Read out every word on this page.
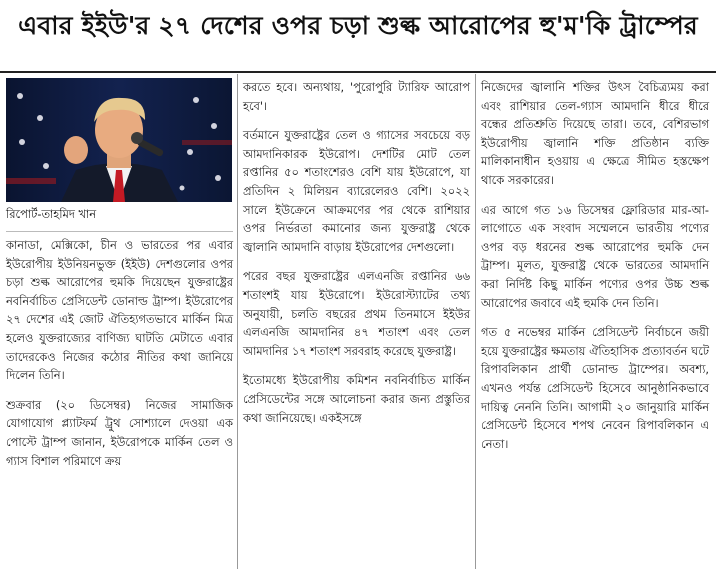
এবার ইইউ'র ২৭ দেশের ওপর চড়া শুল্ক আরোপের হু'ম'কি ট্রাম্পের
রিপোর্ট-তাহমিদ খান

কানাডা, মেক্সিকো, চীন ও ভারতের পর এবার ইউরোপীয় ইউনিয়নভুক্ত (ইইউ) দেশগুলোর ওপর চড়া শুল্ক আরোপের হুমকি দিয়েছেন যুক্তরাষ্ট্রের নবনির্বাচিত প্রেসিডেন্ট ডোনাল্ড ট্রাম্প। ইউরোপের ২৭ দেশের এই জোট ঐতিহ্যগতভাবে মার্কিন মিত্র হলেও যুক্তরাজ্যের বাণিজ্য ঘাটতি মেটাতে এবার তাদেরকেও নিজের কঠোর নীতির কথা জানিয়ে দিলেন তিনি।

শুক্রবার (২০ ডিসেম্বর) নিজের সামাজিক যোগাযোগ প্ল্যাটফর্ম ট্রুথ সোশ্যালে দেওয়া এক পোস্টে ট্রাম্প জানান, ইউরোপকে মার্কিন তেল ও গ্যাস বিশাল পরিমাণে ক্রয়

করতে হবে। অন্যথায়, 'পুরোপুরি ট্যারিফ আরোপ হবে'।

বর্তমানে যুক্তরাষ্ট্রের তেল ও গ্যাসের সবচেয়ে বড় আমদানিকারক ইউরোপ। দেশটির মোট তেল রপ্তানির ৫০ শতাংশেরও বেশি যায় ইউরোপে, যা প্রতিদিন ২ মিলিয়ন ব্যারেলেরও বেশি। ২০২২ সালে ইউক্রেনে আক্রমণের পর থেকে রাশিয়ার ওপর নির্ভরতা কমানোর জন্য যুক্তরাষ্ট্র থেকে জ্বালানি আমদানি বাড়ায় ইউরোপের দেশগুলো।

পরের বছর যুক্তরাষ্ট্রের এলএনজি রপ্তানির ৬৬ শতাংশই যায় ইউরোপে। ইউরোস্ট্যাটের তথ্য অনুযায়ী, চলতি বছরের প্রথম তিনমাসে ইইউর এলএনজি আমদানির ৪৭ শতাংশ এবং তেল আমদানির ১৭ শতাংশ সরবরাহ করেছে যুক্তরাষ্ট্র।

ইতোমধ্যে ইউরোপীয় কমিশন নবনির্বাচিত মার্কিন প্রেসিডেন্টের সঙ্গে আলোচনা করার জন্য প্রস্তুতির কথা জানিয়েছে। একইসঙ্গে

নিজেদের জ্বালানি শক্তির উৎস বৈচিত্র্যময় করা এবং রাশিয়ার তেল-গ্যাস আমদানি ধীরে ধীরে বন্ধের প্রতিশ্রুতি দিয়েছে তারা। তবে, বেশিরভাগ ইউরোপীয় জ্বালানি শক্তি প্রতিষ্ঠান ব্যক্তি মালিকানাধীন হওয়ায় এ ক্ষেত্রে সীমিত হস্তক্ষেপ থাকে সরকারের।

এর আগে গত ১৬ ডিসেম্বর ফ্লোরিডার মার-আ-লাগোতে এক সংবাদ সম্মেলনে ভারতীয় পণ্যের ওপর বড় ধরনের শুল্ক আরোপের হুমকি দেন ট্রাম্প। মূলত, যুক্তরাষ্ট্র থেকে ভারতের আমদানি করা নির্দিষ্ট কিছু মার্কিন পণ্যের ওপর উচ্চ শুল্ক আরোপের জবাবে এই হুমকি দেন তিনি।

গত ৫ নভেম্বর মার্কিন প্রেসিডেন্ট নির্বাচনে জয়ী হয়ে যুক্তরাষ্ট্রের ক্ষমতায় ঐতিহাসিক প্রত্যাবর্তন ঘটে রিপাবলিকান প্রার্থী ডোনাল্ড ট্রাম্পের। অবশ্য, এখনও পর্যন্ত প্রেসিডেন্ট হিসেবে আনুষ্ঠানিকভাবে দায়িত্ব নেননি তিনি। আগামী ২০ জানুয়ারি মার্কিন প্রেসিডেন্ট হিসেবে শপথ নেবেন রিপাবলিকান এ নেতা।
